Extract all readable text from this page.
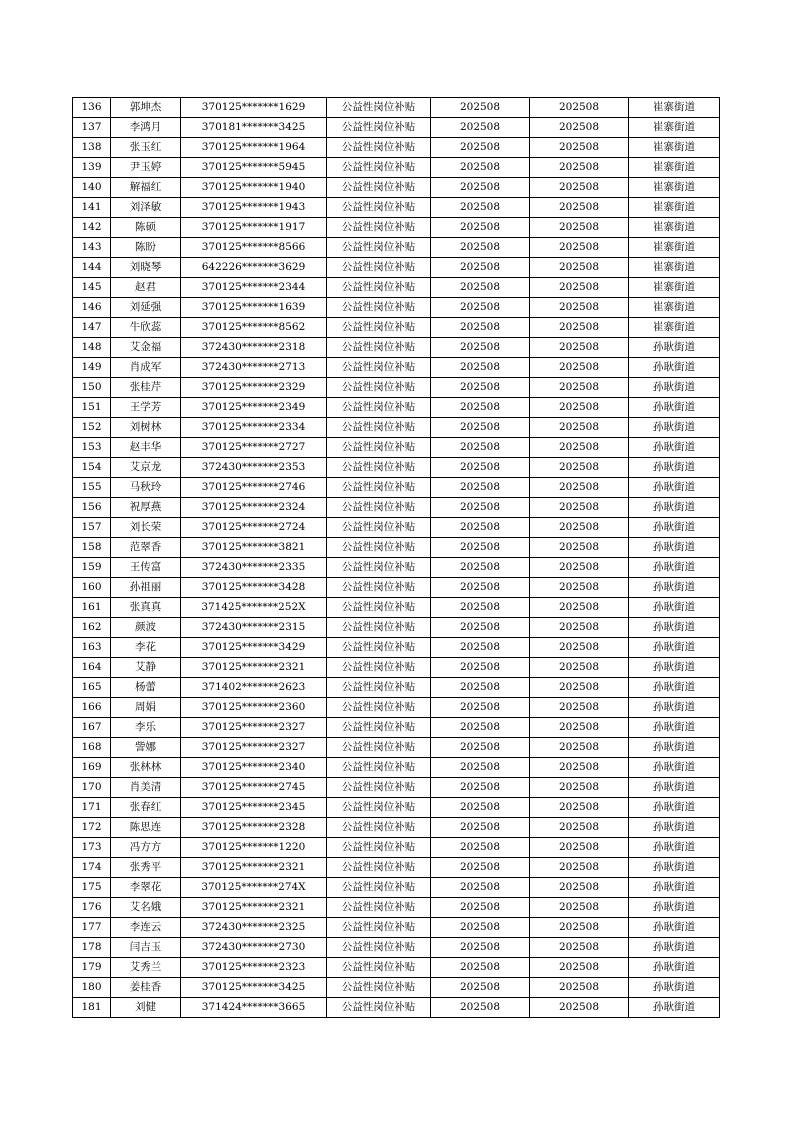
136	郭坤杰	370125*******1629	公益性岗位补贴	202508	202508	崔寨街道
137	李鸿月	370181*******3425	公益性岗位补贴	202508	202508	崔寨街道
138	张玉红	370125*******1964	公益性岗位补贴	202508	202508	崔寨街道
139	尹玉婷	370125*******5945	公益性岗位补贴	202508	202508	崔寨街道
140	解福红	370125*******1940	公益性岗位补贴	202508	202508	崔寨街道
141	刘泽敏	370125*******1943	公益性岗位补贴	202508	202508	崔寨街道
142	陈硕	370125*******1917	公益性岗位补贴	202508	202508	崔寨街道
143	陈盼	370125*******8566	公益性岗位补贴	202508	202508	崔寨街道
144	刘晓琴	642226*******3629	公益性岗位补贴	202508	202508	崔寨街道
145	赵君	370125*******2344	公益性岗位补贴	202508	202508	崔寨街道
146	刘延强	370125*******1639	公益性岗位补贴	202508	202508	崔寨街道
147	牛欣蕊	370125*******8562	公益性岗位补贴	202508	202508	崔寨街道
148	艾金福	372430*******2318	公益性岗位补贴	202508	202508	孙耿街道
149	肖成军	372430*******2713	公益性岗位补贴	202508	202508	孙耿街道
150	张桂芹	370125*******2329	公益性岗位补贴	202508	202508	孙耿街道
151	王学芳	370125*******2349	公益性岗位补贴	202508	202508	孙耿街道
152	刘树林	370125*******2334	公益性岗位补贴	202508	202508	孙耿街道
153	赵丰华	370125*******2727	公益性岗位补贴	202508	202508	孙耿街道
154	艾京龙	372430*******2353	公益性岗位补贴	202508	202508	孙耿街道
155	马秋玲	370125*******2746	公益性岗位补贴	202508	202508	孙耿街道
156	祝厚燕	370125*******2324	公益性岗位补贴	202508	202508	孙耿街道
157	刘长荣	370125*******2724	公益性岗位补贴	202508	202508	孙耿街道
158	范翠香	370125*******3821	公益性岗位补贴	202508	202508	孙耿街道
159	王传富	372430*******2335	公益性岗位补贴	202508	202508	孙耿街道
160	孙祖丽	370125*******3428	公益性岗位补贴	202508	202508	孙耿街道
161	张真真	371425*******252X	公益性岗位补贴	202508	202508	孙耿街道
162	颜波	372430*******2315	公益性岗位补贴	202508	202508	孙耿街道
163	李花	370125*******3429	公益性岗位补贴	202508	202508	孙耿街道
164	艾静	370125*******2321	公益性岗位补贴	202508	202508	孙耿街道
165	杨蕾	371402*******2623	公益性岗位补贴	202508	202508	孙耿街道
166	周娟	370125*******2360	公益性岗位补贴	202508	202508	孙耿街道
167	李乐	370125*******2327	公益性岗位补贴	202508	202508	孙耿街道
168	訾娜	370125*******2327	公益性岗位补贴	202508	202508	孙耿街道
169	张林林	370125*******2340	公益性岗位补贴	202508	202508	孙耿街道
170	肖美清	370125*******2745	公益性岗位补贴	202508	202508	孙耿街道
171	张春红	370125*******2345	公益性岗位补贴	202508	202508	孙耿街道
172	陈思连	370125*******2328	公益性岗位补贴	202508	202508	孙耿街道
173	冯方方	370125*******1220	公益性岗位补贴	202508	202508	孙耿街道
174	张秀平	370125*******2321	公益性岗位补贴	202508	202508	孙耿街道
175	李翠花	370125*******274X	公益性岗位补贴	202508	202508	孙耿街道
176	艾名娥	370125*******2321	公益性岗位补贴	202508	202508	孙耿街道
177	李连云	372430*******2325	公益性岗位补贴	202508	202508	孙耿街道
178	闫吉玉	372430*******2730	公益性岗位补贴	202508	202508	孙耿街道
179	艾秀兰	370125*******2323	公益性岗位补贴	202508	202508	孙耿街道
180	姜桂香	370125*******3425	公益性岗位补贴	202508	202508	孙耿街道
181	刘健	371424*******3665	公益性岗位补贴	202508	202508	孙耿街道
